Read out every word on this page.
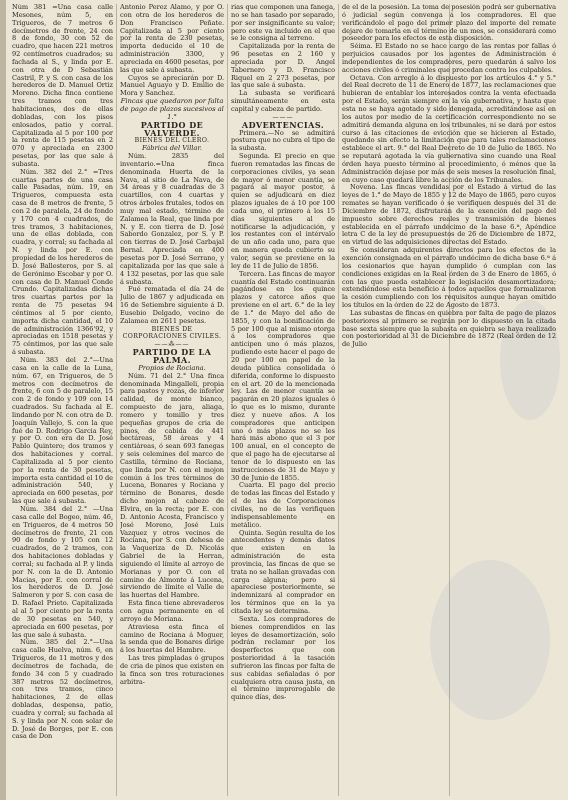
Núm 381 =Una casa calle Mesones, núm 5, en Trigueros, de 7 metros 6 decímetros de frente, 24 con 8 de fondo, 30 con 52 de cuadro, que hacen 221 metros 92 centímetros cuadrados; su fachada al S., y linda por E. con otra de D Sebastián Castril, P. y S. con casa de los herederos de D. Manuel Ortiz Moreno. Dicha finca contiene tres tramos con tres habitaciones, dos de ellas dobladas, con los pisos enlosados, patio y corral. Capitalizada al 5 por 100 por la renta de 115 pesetas en 2 070 y apreciada en 2300 pesetas, por las que sale á subasta.

Núm. 382 del 2.° =Tres cuartas partes de una casa calle Pasadas, núm. 19, en Trigueros, compuesta esta casa de 8 metros de frente, 5 con 2 de paralela, 24 de fondo y 170 con 4 cuadrados, de tres tramos, 3 habitaciones, una de ellas doblada, con cuadra, y corral; su fachada al N. y linda por E. con propiedad de los herederos de D. José Ballesteros, por S. al de Gerónimo Escobar y por O. con casa de D. Manuel Conde Crundo. Capitalizadas dichas tres cuartas partes por la renta de 75 pesetas 94 céntimos al 5 por ciento, importa dicha cantidad, el 10 de administración 1366'92, y apreciadas en 1518 pesetas y 75 céntimos, por las que sale á subasta.

Núm. 383 del 2.°—Una casa en la calle de la Luna, núm. 67, en Trigueros, de 5 metros con decímetros de frente, 6 con 5 de paralelo, 15 con 2 de fondo y 109 con 14 cuadrados. Su fachada al E. lindando por N. con otra de D. Joaquín Vallejo, S. con la que fué de D. Rodrigo Garcia Rey, y por O. con era de D. José Pablo Quintero; dos tramos y dos habitaciones y corral. Capitalizada al 5 por ciento por la renta de 30 pesetas, importa esta cantidad el 10 de administración 540, y apreciada en 600 pesetas, por las que sale á subasta.

Núm. 384 del 2.° —Una casa calle del Bogeo, núm. 46, en Trigueros, de 4 metros 50 decímetros de frente, 21 con 90 de fondo y 105 con 12 cuadrados, de 2 tramos, con dos habitaciones dobladas y corral; su fachada al P. y linda por N. con la de D. Antonio Macias, por E. con corral de los herederos de D. José Salmeron y por S. con casa de D. Rafael Prieto. Capitalizada al al 5 por ciento por la renta de 30 pesetas en 540, y apreciada en 600 pesetas, por las que sale á subasta.

Núm. 385 del 2.°—Una casa calle Huelva, núm. 6, en Trigueros, de 11 metros y dos decímetros de fachada, de fondo 34 con 5 y cuadrado 387 metros 52 decímetros, con tres tramos, cinco habitaciones, 2 de ellas dobladas, despensa, patio, cuadra y corral; su fachada al S. y linda por N. con solar de D. José de Borges, por E. con casa de Don

Antonio Perez Alamo, y por O. con otra de los herederos de Don Francisco Peñate. Capitalizada al 5 por ciento por la renta de 230 pesetas, importa deducido el 10 de administración 3300, y apreciada en 4600 pesetas, por las que sale á subasta.

Cuyos se apreciarán por D. Manuel Aguayo y D. Emilio de Mora y Sanchez.

Fincas que quedaron por falta de pago de plazos sucesivos al 1.°

PARTIDO DE VALVERDE.

BIENES DEL CLERO.

Fábrica del Villar.

Núm. 2835 del inventario.=Una finca denominada Huerta de la Nava, al sitio de La Nava, de 34 áreas y 8 cuadradas de 3 cuartillos, con 4 cuartas y otros árboles frutales, todos en muy mal estado, término de Zalamea la Real, que linda por N. y E. con tierra de D. José Sabordo Gonzalez, por S. y P. con tierras de D. José Carbajal Bernal. Apreciada en 400 pesetas por D. José Serrano, y capitalizada por las que sale á 4 132 pesetas, por las que sale á subasta.

Fué rematada el día 24 de Julio de 1867 y adjudicada en 16 de Setiembre siguiente á D. Eusebio Delgado, vecino de Zalamea en 2611 pesetas.

BIENES DE CORPORACIONES CIVILES.

——⁂——

PARTIDO DE LA PALMA.

Propios de Rociana.

Núm. 71 del 2.° Una finca denominada Mingalleli, propia para pastos y rozas, de inferior calidad, de monte bianco, compuesto de jara, aliaga, romero y tomillo y tres pequeñas grupos de cria de pinos, de cabida de 441 hectáreas, 58 áreas y 4 centiáreas, ó sean 693 fanegas y seis celemines del marco de Castilla, término de Rociana, que linda por N. con el mojon común á los tres términos de Lucena, Bonares y Rociana y término de Bonares, desde dicho mojon al cabezo de Elvira, en la recta; por E. con D. Antonio Acosta, Francisco y José Moreno, José Luis Vazquez y otros vecinos de Rociana, por S. con dehesa de la Vaqueriza de D. Nicolás Gabriel de la Herran, siguiendo el límite al arroyo de Morianas y por O. con el camino de Almonte á Lucena, sirviendo de límite el Valle de las huertas del Hambre.

Esta finca tiene abrevaderos con agua permanente en el arroyo de Moriana.

Atraviesa esta finca el camino de Rociana á Moguer, la senda que de Bonares dirige á los huertas del Hambre.

Las tres pimpladas ó grupos de cria de pinos que existen en la finca son tres roturaciones arbitra-

rias que componen una fanega, no se han tasado por separado, por ser insignificante su valor; pero este va incluido en el que se le consigna al terreno.

Capitalizada por la renta de 96 pesetas en 2 160 y apreciada por D. Angel Tabernero y D. Francisco Riquel en 2 273 pesetas, por las que sale á subasta.

La subasta se verificará simultáneamente en esta capital y cabeza de partido.

———

ADVERTENCIAS.

Primera.—No se admitirá postura que no cubra el tipo de la subasta.

Segunda. El precio en que fueron rematadas las fincas de corporaciones civiles, ya sean de mayor ó menor cuantía, se pagará al mayor postor, á quien se adjudicará en diez plazos iguales de á 10 por 100 cada uno, el primero á los 15 días siguientes al de notificarse la adjudicación, y los restantes con el intérvalo de un año cada uno, para que en manera queda cubierto su valor, según se previene en la ley de 11 de Julio de 1856.

Tercera. Las fincas de mayor cuantía del Estado continuarán pagándose en los quince plazos y catorce años que previene en el art. 6.° de la ley de 1.° de Mayo del año de 1855, y con la bonificación de 5 por 100 que al mismo otorga á los compradores que anticipen uno ó más plazos, pudiendo este hacer el pago de 20 por 100 en papel de la deuda pública consolidada ó diferida, conforme lo dispuesto en el art. 20 de la mencionada ley. Las de menor cuantía se pagarán en 20 plazos iguales ó lo que es lo mismo, durante diez y nueve años. A los compradores que anticipen uno ó más plazos no se les hará más abono que el 3 por 100 anual, en el concepto de que el pago ha de ejecutarse al tenor de lo dispuesto en las instrucciones de 31 de Mayo y 30 de Junio de 1855.

Cuarta. El pago del precio de todas las fincas del Estado y el de las de Corporaciones civiles, no de las verifiquen indispensablemente en metálico.

Quinta. Según resulta de los antecedentes y demás datos que existen en la administración de esta provincia, las fincas de que se trata no se hallan gravadas con carga alguna; pero si apareciese posteriormente, se indemnizará al comprador en los términos que en la ya citada ley se determina.

Sexta. Los compradores de bienes comprendidos en las leyes de desamortización, solo podrán reclamar por los desperfectos que con posterioridad á la tasación sufrieron las fincas por falta de sus cabidas señaladas ó por cualquiera otra causa justa, en el término improrogable de quince días, des-

de el de la posesión. La toma de posesión podrá ser gubernativa ó judicial según convenga á los compradores. El que verificándolo el pago del primer plazo del importe del remate dejare de tomarla en el término de un mes, se considerará como poseedor para los efectos de esta disposición.

Séima. El Estado no se hace cargo de las rentas por fallas ó perjuicios causados por los agentes de Administración é independientes de los compradores, pero quedarán á salvo los acciones civiles ó criminales que procedan contra los culpables.

Octava. Con arreglo á lo dispuesto por los artículos 4.° y 5.° del Real decreto de 11 de Enero de 1877, las reclamaciones que hubieran de entablar los interesados contra la venta efectuada por el Estado, serán siempre en la vía gubernativa, y hasta que esta no se haya agotado y sido denegada, acreditándose así en los autos por medio de la certificación correspondiente no se admitirá demanda alguna en los tribunales, ni se dará por estos curso á las citaciones de evicción que se hicieren al Estado, quedando sin efecto la limitación que para tales reclamaciones establece el art. 9.° del Real Decreto de 10 de Julio de 1865. No se reputará agotada la vía gubernativa sino cuando una Real órden haya puesto término al procedimiento, ó ménos que la Administración dejase por más de seis meses la resolución final, en cuyo caso quedará libre la acción de los Tribunales.

Novena. Las fincas vendidas por el Estado á virtud de las leyes de 1.° de Mayo de 1855 y 12 de Mayo de 1865, pero cuyos remates se hayan verificado ó se verifiquen después del 31 de Diciembre de 1872, disfrutarán de la exención del pago del impuesto sobre derechos reales y transmisión de bienes establecida en el párrafo undécimo de la base 6.ª, Apéndice letra C de la ley de presupuestos de 26 de Diciembre de 1872, en virtud de las adquisiciones directas del Estado.

Se consideran adquirentes directos para los efectos de la exención consignada en el párrafo undécimo de dicha base 6.ª á los cesionarios que hayan cumplido ó cumplan con las condiciones exigidas en la Real órden de 3 de Enero de 1865, ó con las que pueda establecer la legislación desamortizadora; extendiéndose esta beneficio á todos aquellos que formalizaron la cesión cumpliendo con los requisitos aunque hayan omitido los títulos en la órden de 22 de Agosto de 1873.

Las subastas de fincas en quiebra por falta de pago de plazos posteriores al primero se regirán por lo dispuesto en la citada base sexta siempre que la subasta en quiebra se haya realizado con posterioridad al 31 de Diciembre de 1872 (Real órden de 12 de Julio
